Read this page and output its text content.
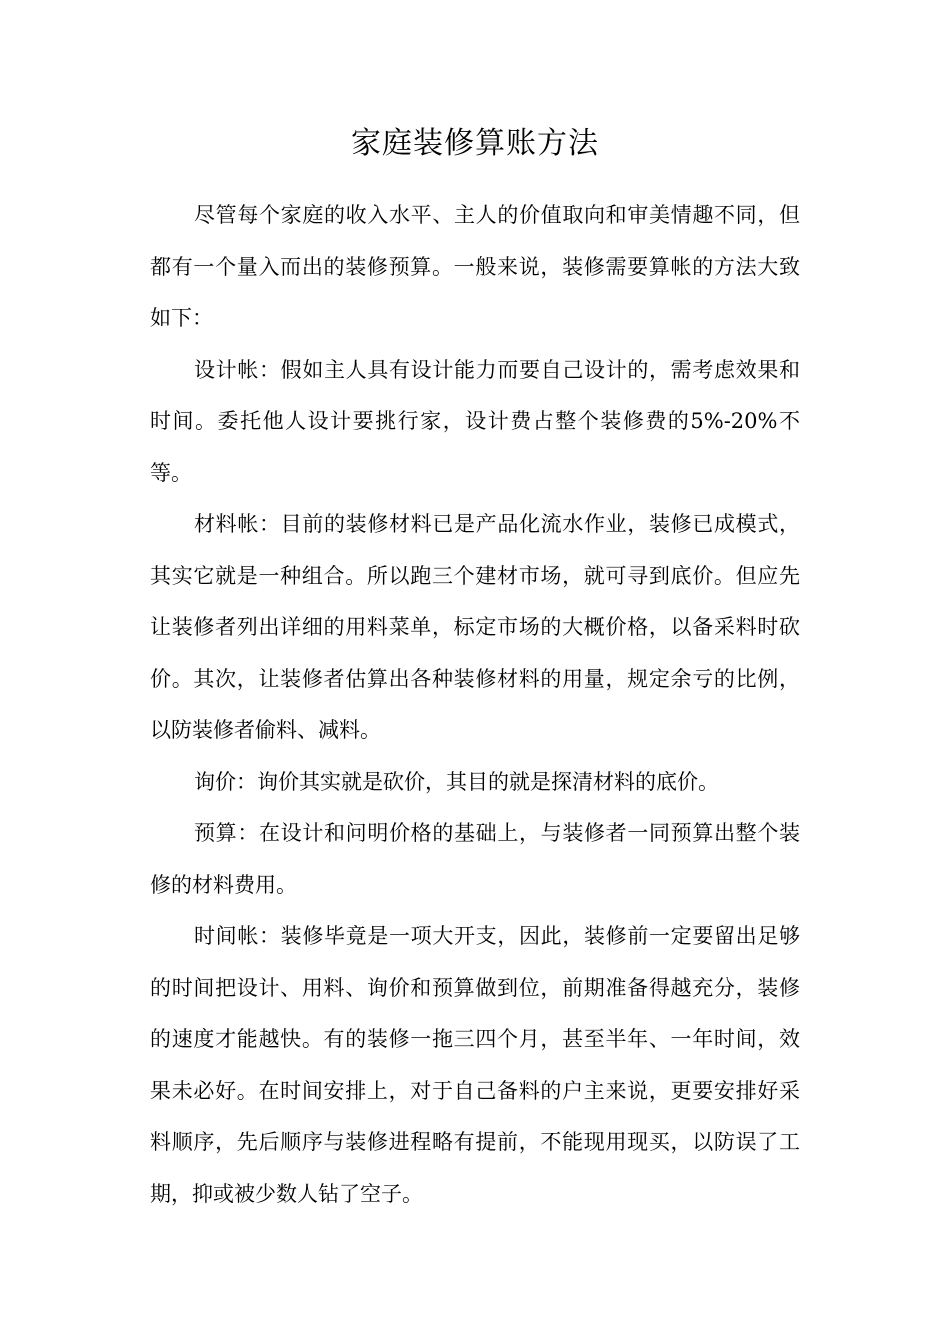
家庭装修算账方法

尽管每个家庭的收入水平、主人的价值取向和审美情趣不同，但都有一个量入而出的装修预算。一般来说，装修需要算帐的方法大致如下：

设计帐：假如主人具有设计能力而要自己设计的，需考虑效果和时间。委托他人设计要挑行家，设计费占整个装修费的5%-20%不等。

材料帐：目前的装修材料已是产品化流水作业，装修已成模式，其实它就是一种组合。所以跑三个建材市场，就可寻到底价。但应先让装修者列出详细的用料菜单，标定市场的大概价格，以备采料时砍价。其次，让装修者估算出各种装修材料的用量，规定余亏的比例，以防装修者偷料、减料。

询价：询价其实就是砍价，其目的就是探清材料的底价。

预算：在设计和问明价格的基础上，与装修者一同预算出整个装修的材料费用。

时间帐：装修毕竟是一项大开支，因此，装修前一定要留出足够的时间把设计、用料、询价和预算做到位，前期准备得越充分，装修的速度才能越快。有的装修一拖三四个月，甚至半年、一年时间，效果未必好。在时间安排上，对于自己备料的户主来说，更要安排好采料顺序，先后顺序与装修进程略有提前，不能现用现买，以防误了工期，抑或被少数人钻了空子。
